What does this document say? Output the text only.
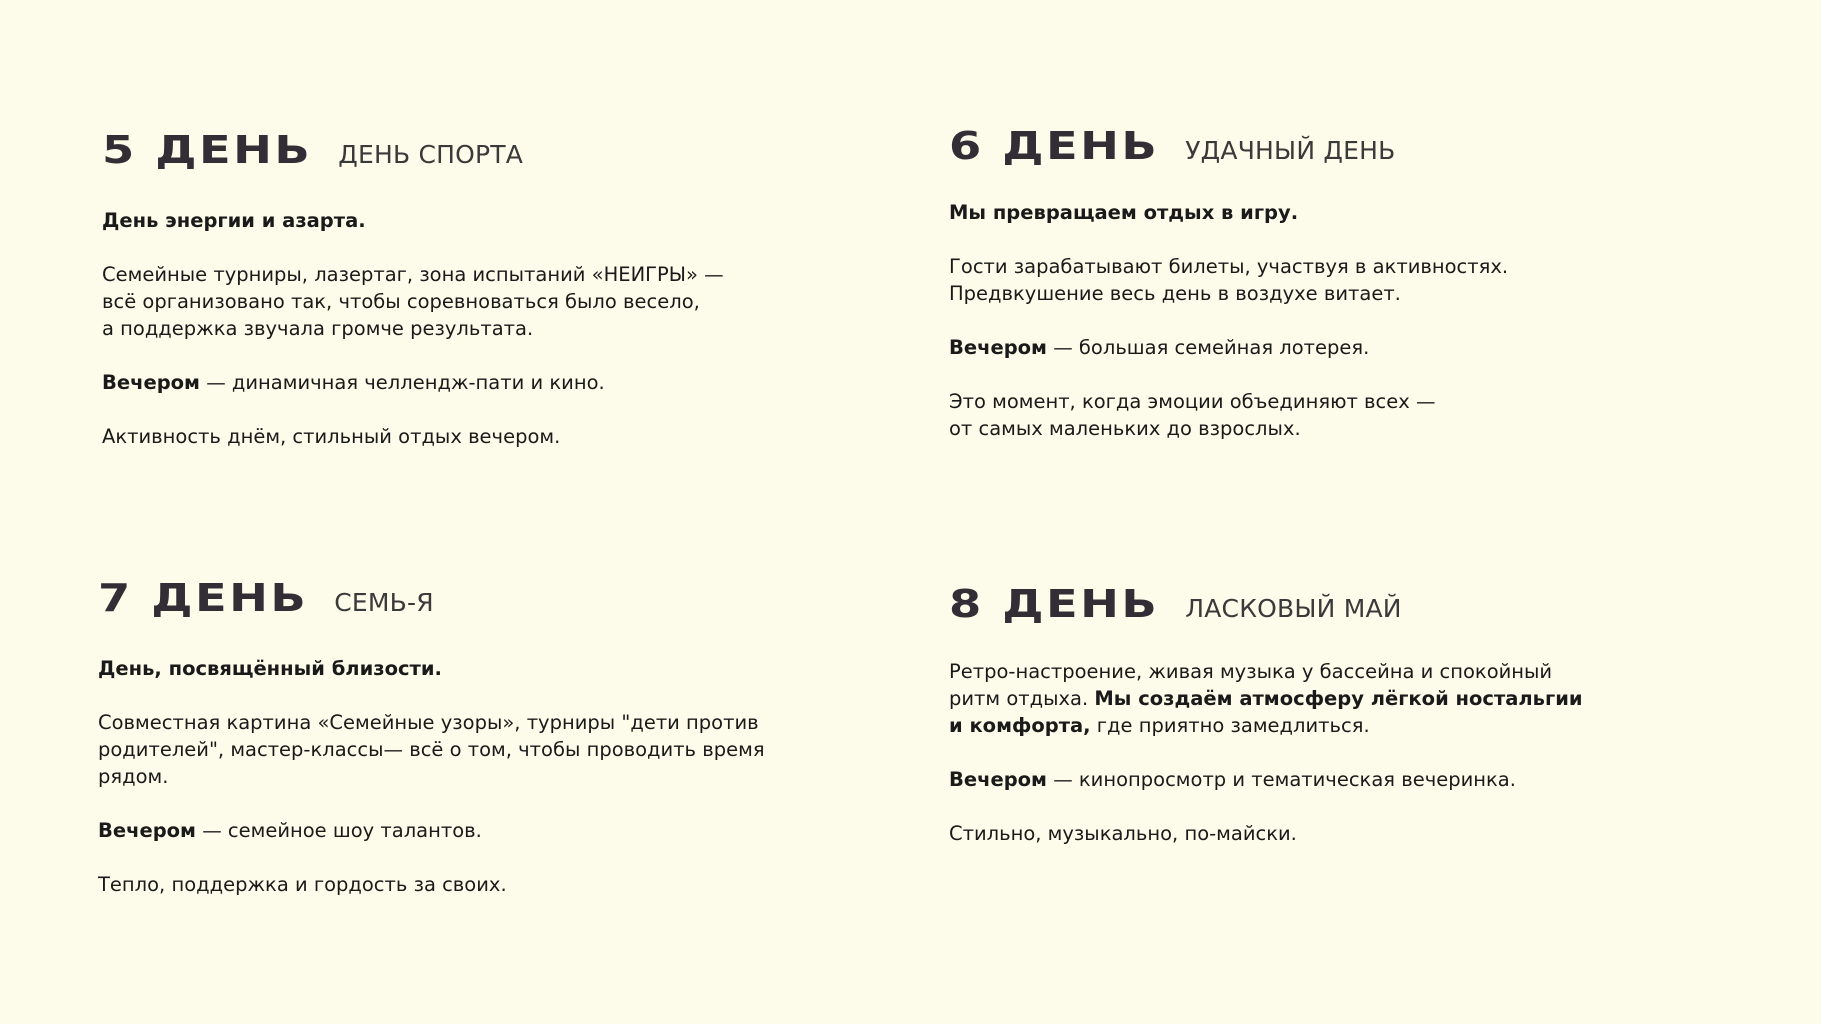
5 ДЕНЬ ДЕНЬ СПОРТА

День энергии и азарта.

Семейные турниры, лазертаг, зона испытаний «НЕИГРЫ» —
всё организовано так, чтобы соревноваться было весело,
а поддержка звучала громче результата.

Вечером — динамичная челлендж-пати и кино.

Активность днём, стильный отдых вечером.

6 ДЕНЬ УДАЧНЫЙ ДЕНЬ

Мы превращаем отдых в игру.

Гости зарабатывают билеты, участвуя в активностях.
Предвкушение весь день в воздухе витает.

Вечером — большая семейная лотерея.

Это момент, когда эмоции объединяют всех —
от самых маленьких до взрослых.

7 ДЕНЬ СЕМЬ-Я

День, посвящённый близости.

Совместная картина «Семейные узоры», турниры "дети против
родителей", мастер-классы— всё о том, чтобы проводить время
рядом.

Вечером — семейное шоу талантов.

Тепло, поддержка и гордость за своих.

8 ДЕНЬ ЛАСКОВЫЙ МАЙ

Ретро-настроение, живая музыка у бассейна и спокойный
ритм отдыха. Мы создаём атмосферу лёгкой ностальгии
и комфорта, где приятно замедлиться.

Вечером — кинопросмотр и тематическая вечеринка.

Стильно, музыкально, по-майски.
